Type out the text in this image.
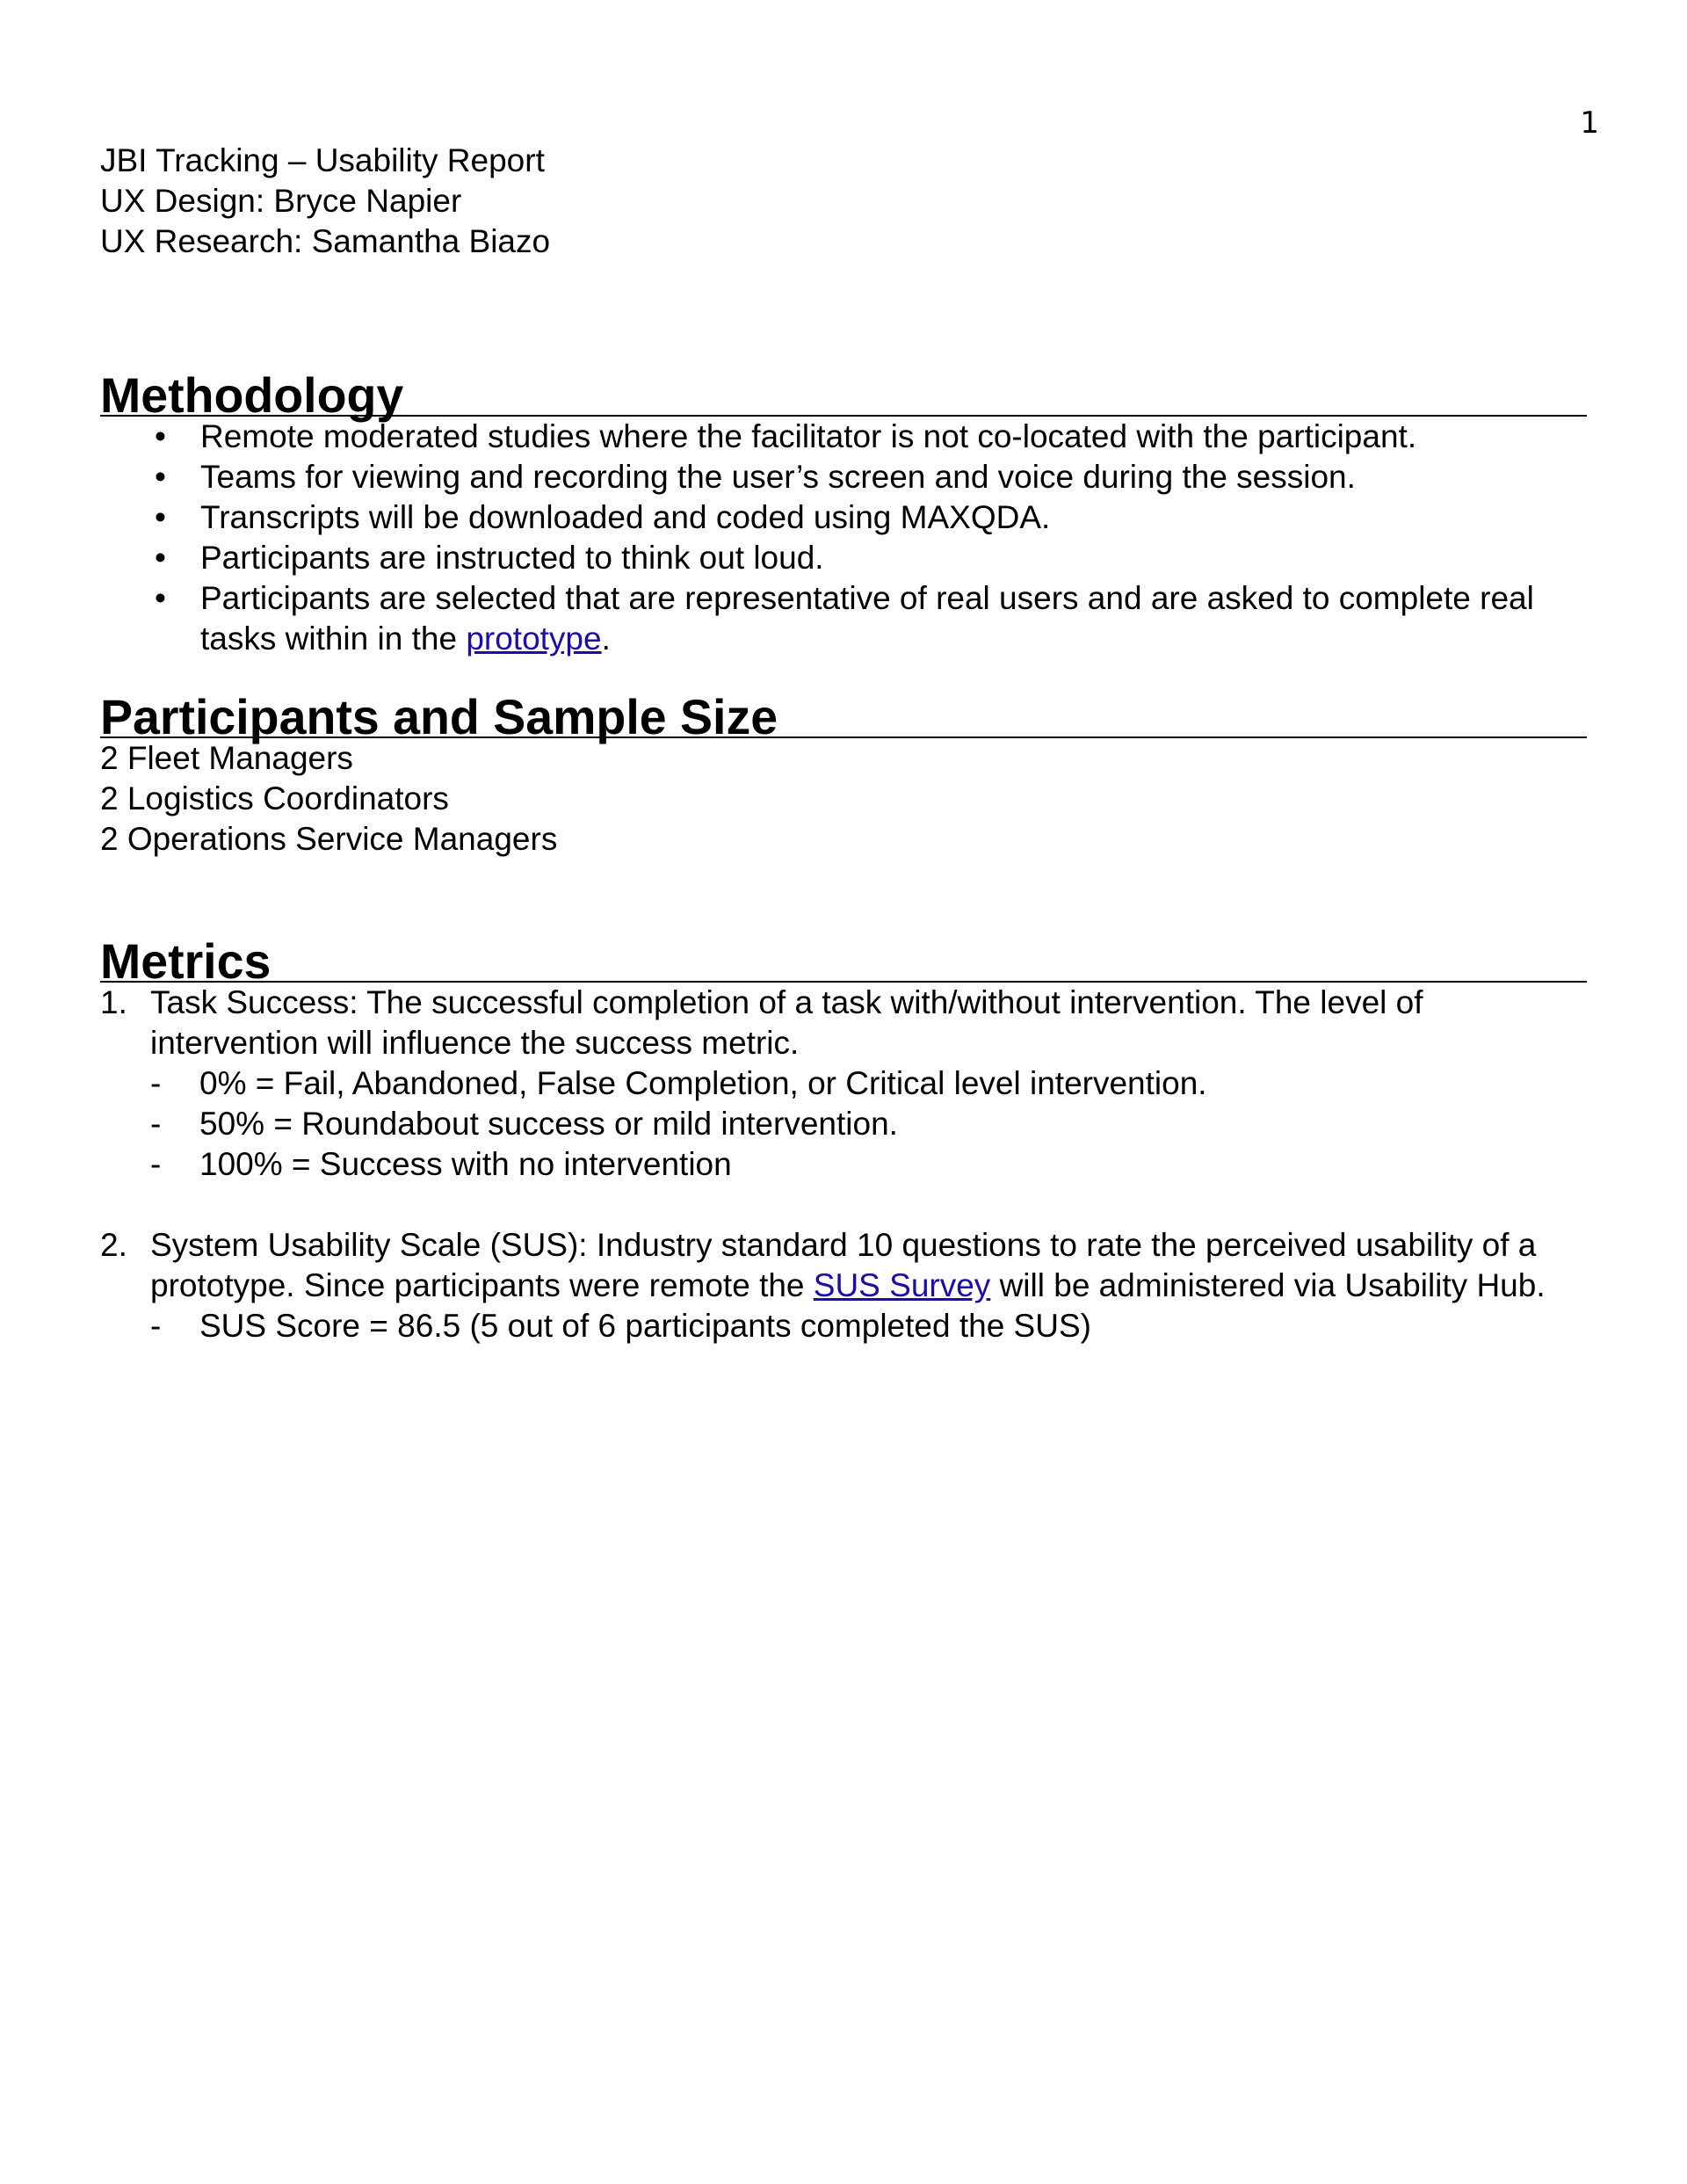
1

JBI Tracking – Usability Report

UX Design: Bryce Napier

UX Research: Samantha Biazo

Methodology
• Remote moderated studies where the facilitator is not co-located with the participant.
• Teams for viewing and recording the user’s screen and voice during the session.
• Transcripts will be downloaded and coded using MAXQDA.
• Participants are instructed to think out loud.
• Participants are selected that are representative of real users and are asked to complete real tasks within in the prototype.
Participants and Sample Size

2 Fleet Managers

2 Logistics Coordinators

2 Operations Service Managers

Metrics
1. Task Success: The successful completion of a task with/without intervention. The level of intervention will influence the success metric.
- 0% = Fail, Abandoned, False Completion, or Critical level intervention.
- 50% = Roundabout success or mild intervention.
- 100% = Success with no intervention
2. System Usability Scale (SUS): Industry standard 10 questions to rate the perceived usability of a prototype. Since participants were remote the SUS Survey will be administered via Usability Hub.
- SUS Score = 86.5 (5 out of 6 participants completed the SUS)
